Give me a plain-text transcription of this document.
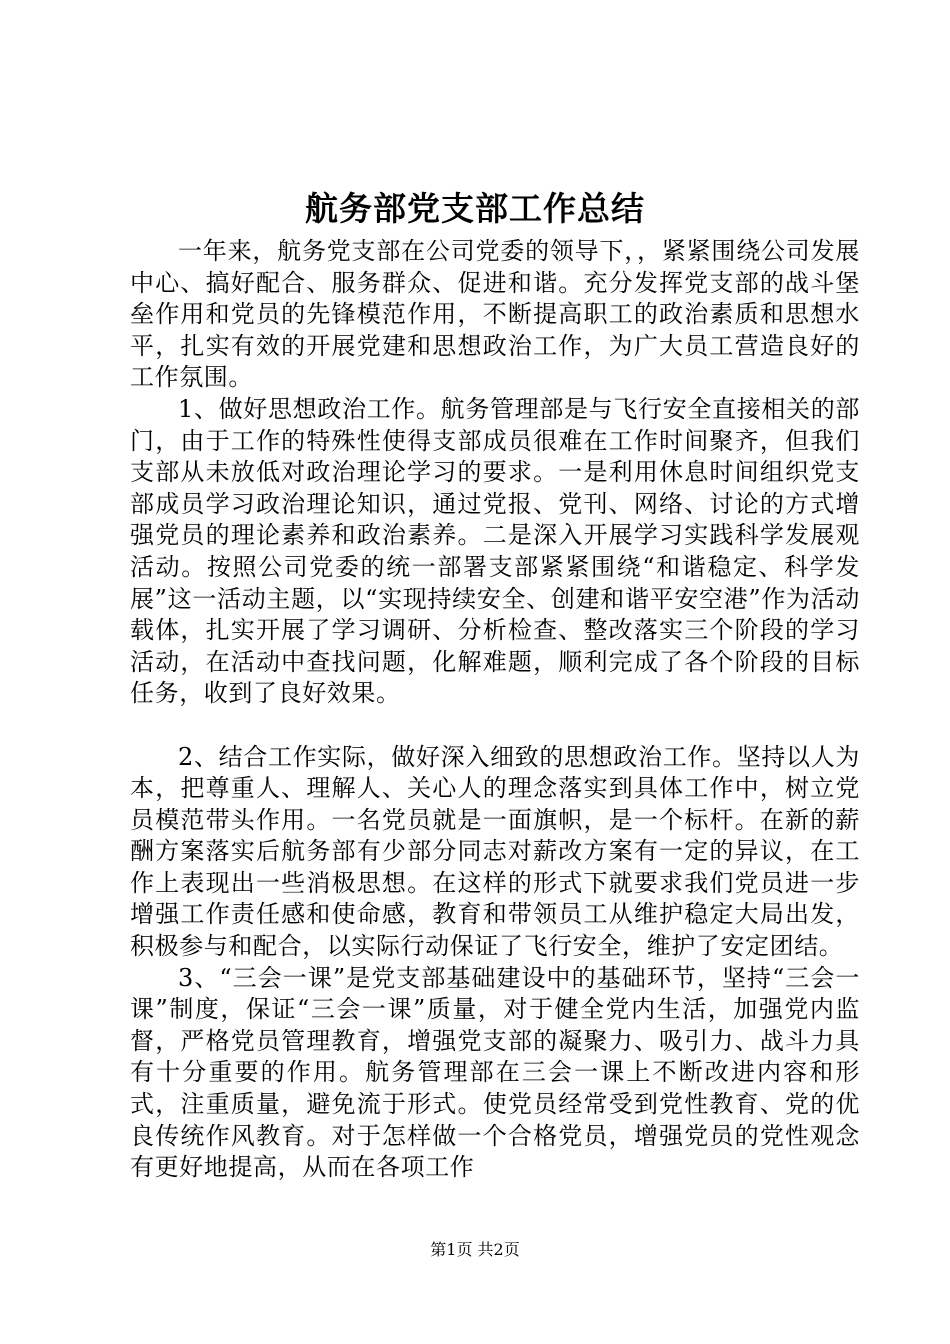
航务部党支部工作总结

一年来，航务党支部在公司党委的领导下，，紧紧围绕公司发展中心、搞好配合、服务群众、促进和谐。充分发挥党支部的战斗堡垒作用和党员的先锋模范作用，不断提高职工的政治素质和思想水平，扎实有效的开展党建和思想政治工作，为广大员工营造良好的工作氛围。

1、做好思想政治工作。航务管理部是与飞行安全直接相关的部门，由于工作的特殊性使得支部成员很难在工作时间聚齐，但我们支部从未放低对政治理论学习的要求。一是利用休息时间组织党支部成员学习政治理论知识，通过党报、党刊、网络、讨论的方式增强党员的理论素养和政治素养。二是深入开展学习实践科学发展观活动。按照公司党委的统一部署支部紧紧围绕“和谐稳定、科学发展”这一活动主题，以“实现持续安全、创建和谐平安空港”作为活动载体，扎实开展了学习调研、分析检查、整改落实三个阶段的学习活动，在活动中查找问题，化解难题，顺利完成了各个阶段的目标任务，收到了良好效果。

2、结合工作实际，做好深入细致的思想政治工作。坚持以人为本，把尊重人、理解人、关心人的理念落实到具体工作中，树立党员模范带头作用。一名党员就是一面旗帜，是一个标杆。在新的薪酬方案落实后航务部有少部分同志对薪改方案有一定的异议，在工作上表现出一些消极思想。在这样的形式下就要求我们党员进一步增强工作责任感和使命感，教育和带领员工从维护稳定大局出发，积极参与和配合，以实际行动保证了飞行安全，维护了安定团结。

3、“三会一课”是党支部基础建设中的基础环节，坚持“三会一课”制度，保证“三会一课”质量，对于健全党内生活，加强党内监督，严格党员管理教育，增强党支部的凝聚力、吸引力、战斗力具有十分重要的作用。航务管理部在三会一课上不断改进内容和形式，注重质量，避免流于形式。使党员经常受到党性教育、党的优良传统作风教育。对于怎样做一个合格党员，增强党员的党性观念有更好地提高，从而在各项工作

第1页 共2页
